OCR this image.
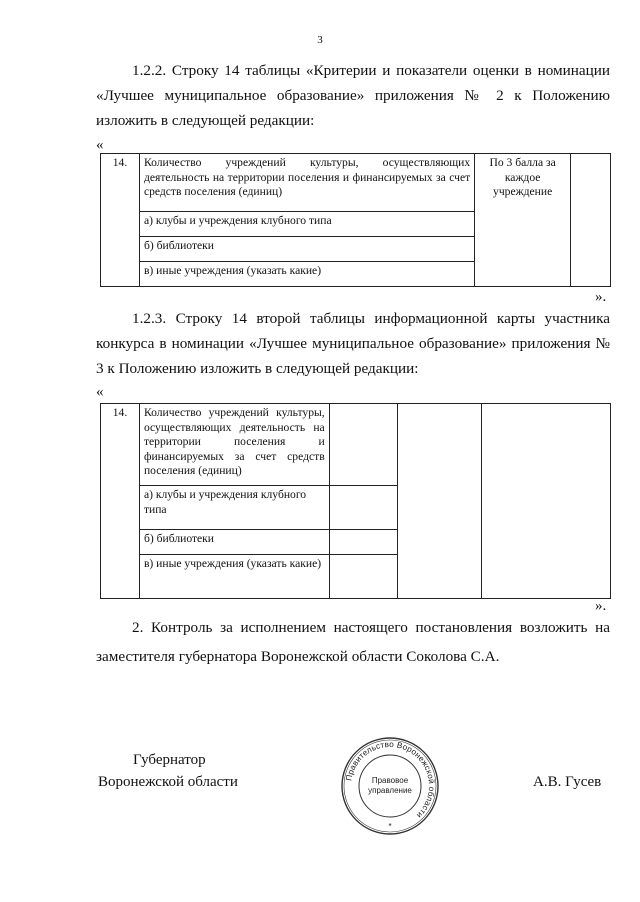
3

1.2.2. Строку 14 таблицы «Критерии и показатели оценки в номинации «Лучшее муниципальное образование» приложения № 2 к Положению изложить в следующей редакции:

«
14.	Количество учреждений культуры, осуществляющих деятельность на территории поселения и финансируемых за счет средств поселения (единиц)	По 3 балла за каждое учреждение	
а) клубы и учреждения клубного типа
б) библиотеки
в) иные учреждения (указать какие)
».

1.2.3. Строку 14 второй таблицы информационной карты участника конкурса в номинации «Лучшее муниципальное образование» приложения № 3 к Положению изложить в следующей редакции:

«
14.	Количество учреждений культуры, осуществляющих деятельность на территории поселения и финансируемых за счет средств поселения (единиц)			
	а) клубы и учреждения клубного типа			
	б) библиотеки			
	в) иные учреждения (указать какие)			
».

2. Контроль за исполнением настоящего постановления возложить на заместителя губернатора Воронежской области Соколова С.А.

Губернатор
Воронежской области	А.В. Гусев
Правительство Воронежской области
Правовое
управление
*
